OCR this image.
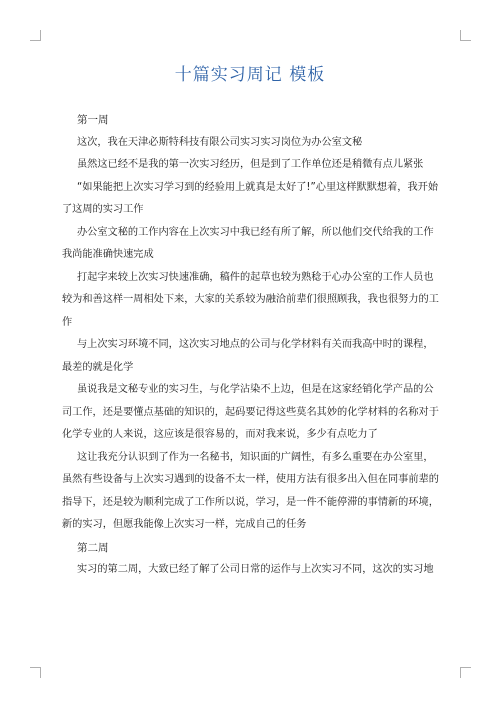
十篇实习周记 模板
第一周
这次，我在天津必斯特科技有限公司实习实习岗位为办公室文秘
虽然这已经不是我的第一次实习经历，但是到了工作单位还是稍微有点儿紧张
“如果能把上次实习学习到的经验用上就真是太好了!”心里这样默默想着，我开始
了这周的实习工作
办公室文秘的工作内容在上次实习中我已经有所了解，所以他们交代给我的工作
我尚能准确快速完成
打起字来较上次实习快速准确，稿件的起草也较为熟稔于心办公室的工作人员也
较为和善这样一周相处下来，大家的关系较为融洽前辈们很照顾我，我也很努力的工
作
与上次实习环境不同，这次实习地点的公司与化学材料有关而我高中时的课程，
最差的就是化学
虽说我是文秘专业的实习生，与化学沾染不上边，但是在这家经销化学产品的公
司工作，还是要懂点基础的知识的，起码要记得这些莫名其妙的化学材料的名称对于
化学专业的人来说，这应该是很容易的，而对我来说，多少有点吃力了
这让我充分认识到了作为一名秘书，知识面的广阔性，有多么重要在办公室里，
虽然有些设备与上次实习遇到的设备不太一样，使用方法有很多出入但在同事前辈的
指导下，还是较为顺利完成了工作所以说，学习，是一件不能停滞的事情新的环境，
新的实习，但愿我能像上次实习一样，完成自己的任务
第二周
实习的第二周，大致已经了解了公司日常的运作与上次实习不同，这次的实习地
